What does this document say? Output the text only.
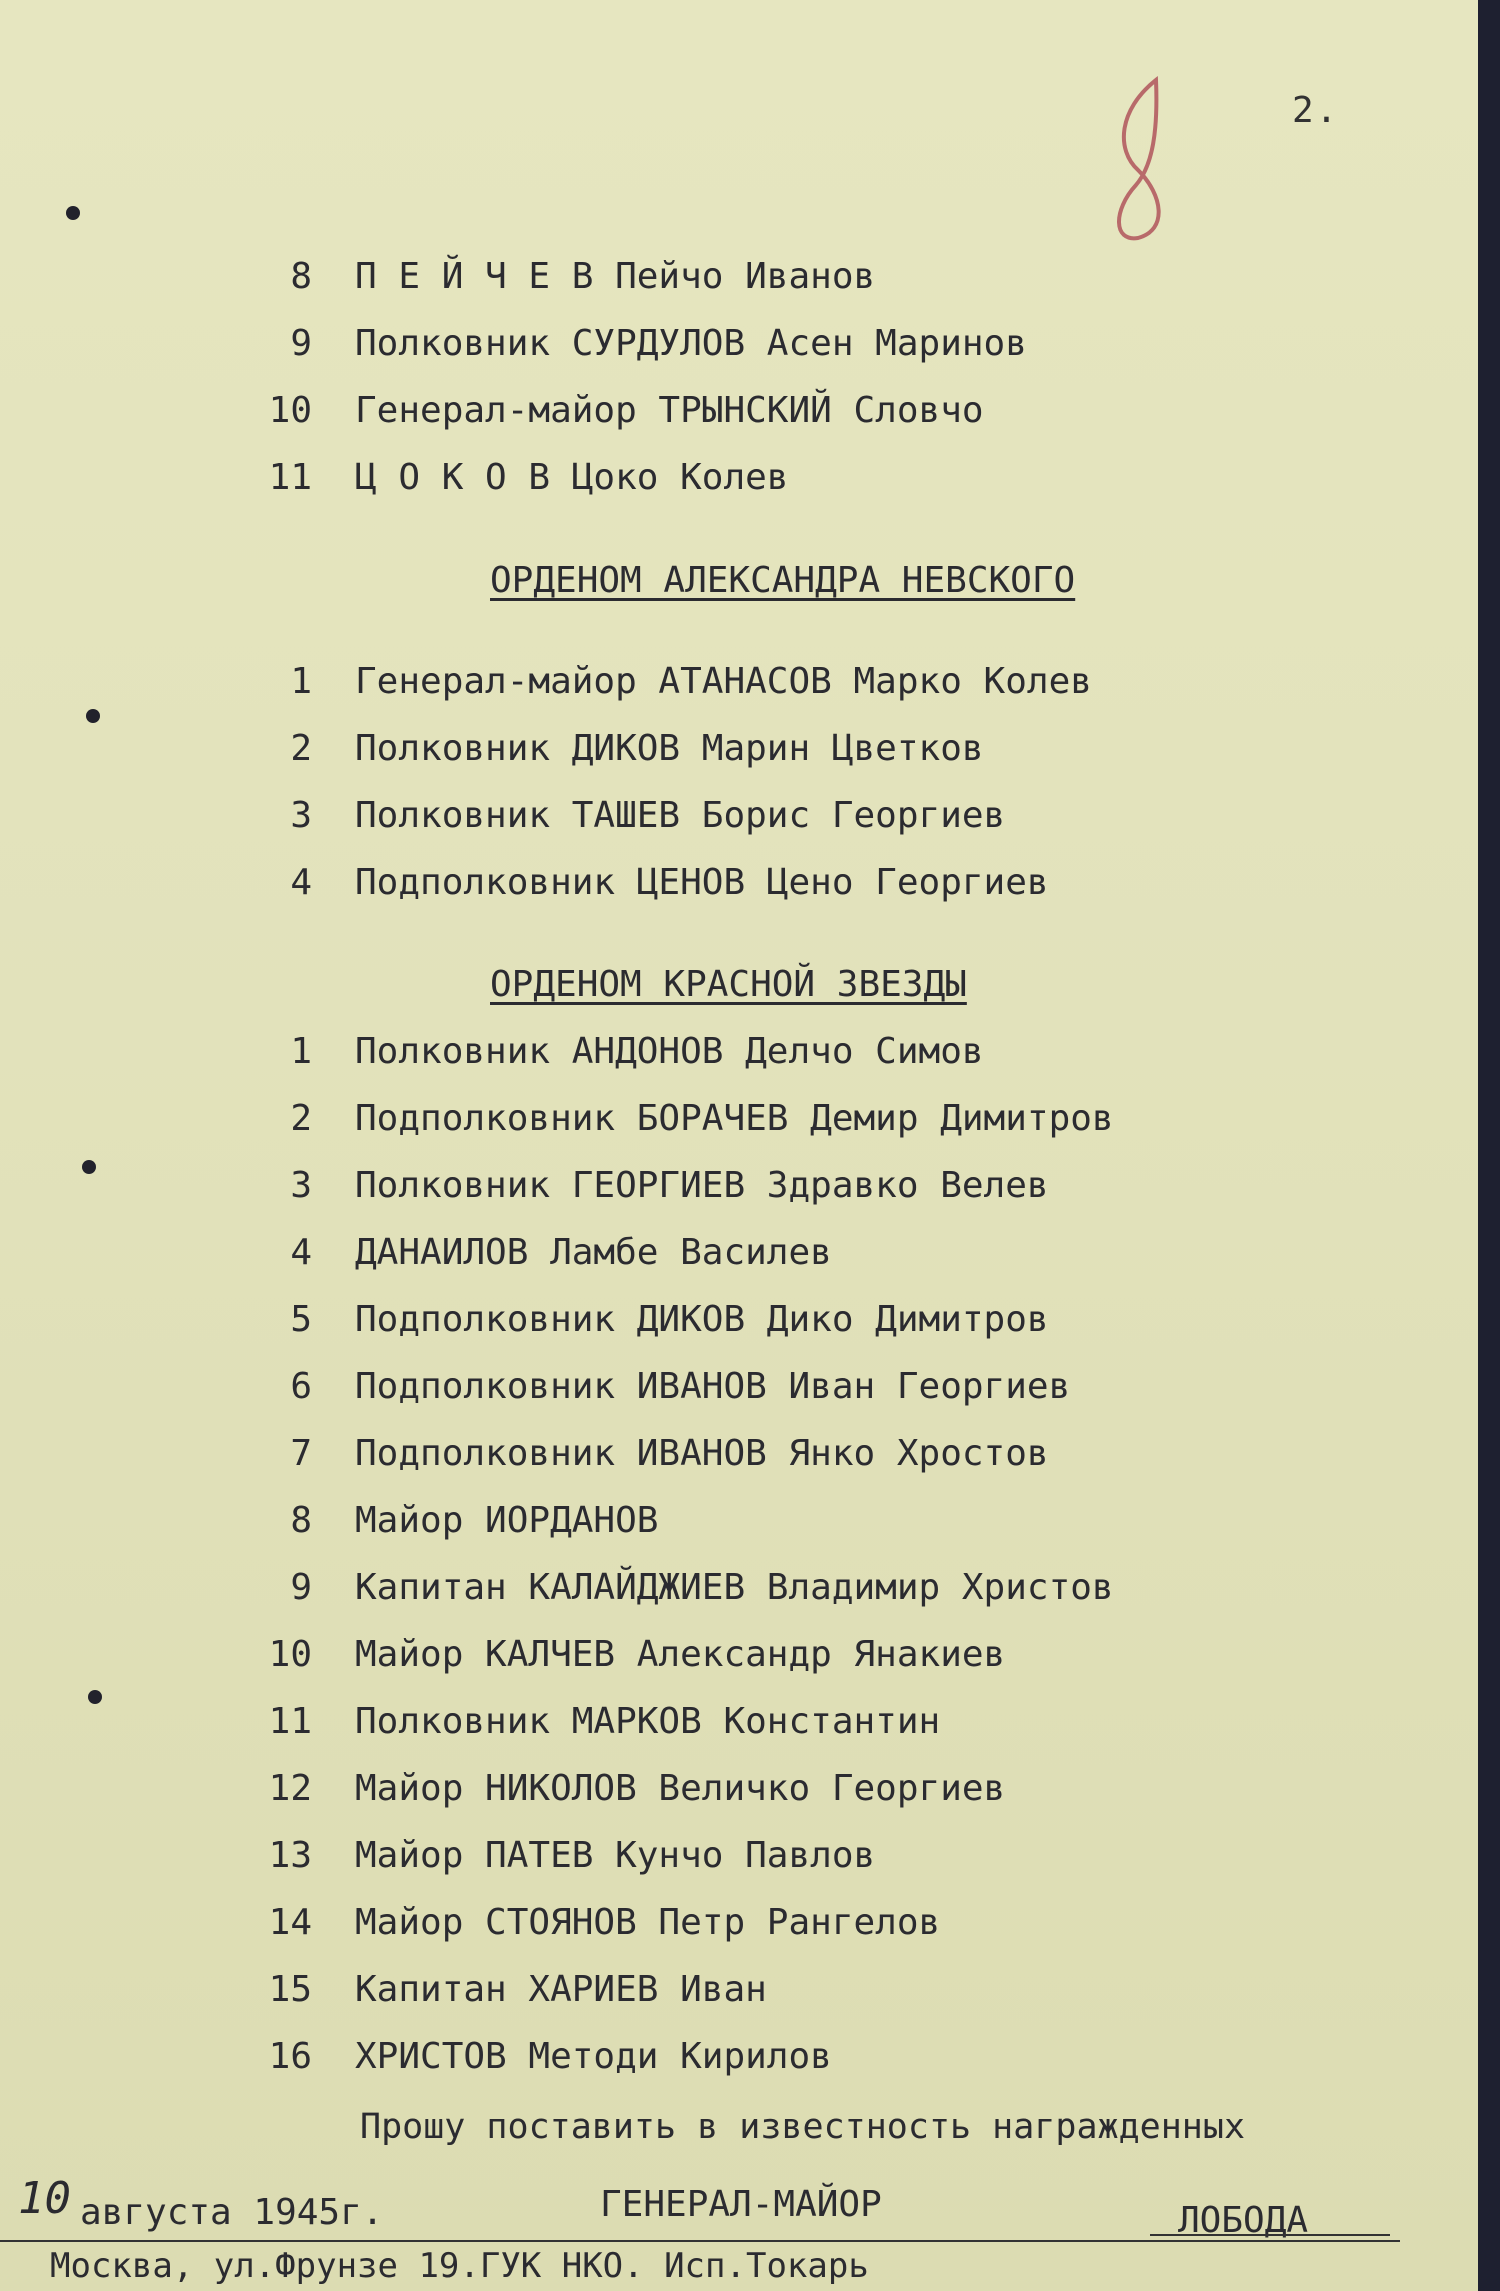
2.
8 П Е Й Ч Е В Пейчо Иванов
9 Полковник СУРДУЛОВ Асен Маринов
10 Генерал-майор ТРЫНСКИЙ Словчо
11 Ц О К О В Цоко Колев
ОРДЕНОМ АЛЕКСАНДРА НЕВСКОГО
1 Генерал-майор АТАНАСОВ Марко Колев
2 Полковник ДИКОВ Марин Цветков
3 Полковник ТАШЕВ Борис Георгиев
4 Подполковник ЦЕНОВ Цено Георгиев
ОРДЕНОМ КРАСНОЙ ЗВЕЗДЫ
1 Полковник АНДОНОВ Делчо Симов
2 Подполковник БОРАЧЕВ Демир Димитров
3 Полковник ГЕОРГИЕВ Здравко Велев
4 ДАНАИЛОВ Ламбе Василев
5 Подполковник ДИКОВ Дико Димитров
6 Подполковник ИВАНОВ Иван Георгиев
7 Подполковник ИВАНОВ Янко Хростов
8 Майор ИОРДАНОВ
9 Капитан КАЛАЙДЖИЕВ Владимир Христов
10 Майор КАЛЧЕВ Александр Янакиев
11 Полковник МАРКОВ Константин
12 Майор НИКОЛОВ Величко Георгиев
13 Майор ПАТЕВ Кунчо Павлов
14 Майор СТОЯНОВ Петр Рангелов
15 Капитан ХАРИЕВ Иван
16 ХРИСТОВ Методи Кирилов
Прошу поставить в известность награжденных
10 августа 1945г.	ГЕНЕРАЛ-МАЙОР	ЛОБОДА
Москва, ул.Фрунзе 19.ГУК НКО. Исп.Токарь
